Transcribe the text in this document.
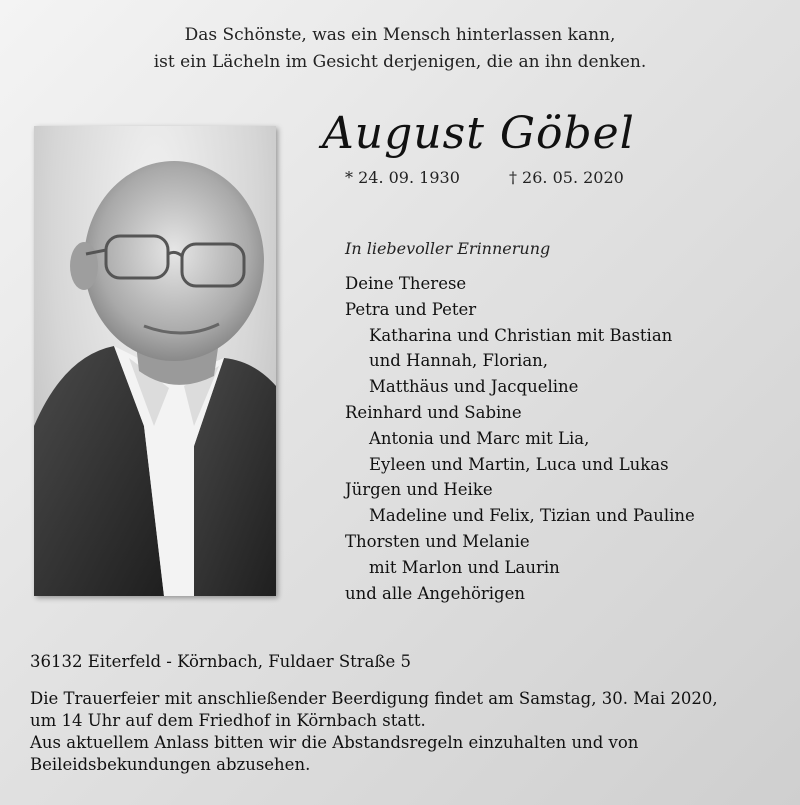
Das Schönste, was ein Mensch hinterlassen kann,
ist ein Lächeln im Gesicht derjenigen, die an ihn denken.
August Göbel
* 24. 09. 1930	† 26. 05. 2020
In liebevoller Erinnerung
Deine Therese
Petra und Peter
Katharina und Christian mit Bastian
und Hannah, Florian,
Matthäus und Jacqueline
Reinhard und Sabine
Antonia und Marc mit Lia,
Eyleen und Martin, Luca und Lukas
Jürgen und Heike
Madeline und Felix, Tizian und Pauline
Thorsten und Melanie
mit Marlon und Laurin
und alle Angehörigen
36132 Eiterfeld - Körnbach, Fuldaer Straße 5
Die Trauerfeier mit anschließender Beerdigung findet am Samstag, 30. Mai 2020,
um 14 Uhr auf dem Friedhof in Körnbach statt.
Aus aktuellem Anlass bitten wir die Abstandsregeln einzuhalten und von
Beileidsbekundungen abzusehen.
